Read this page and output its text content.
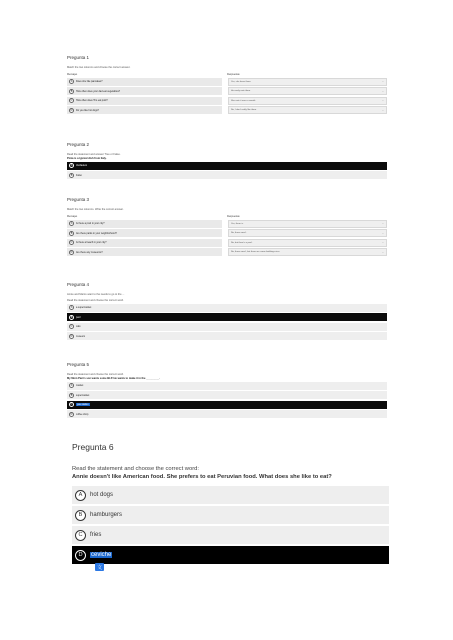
Pregunta 1
Match the two columns and choose the correct answer.
Mensajes	Respuestas
A	Does she like pancakes?	Yes, she loves them.	⌄
B	How often does your dad eat vegetables?	He rarely eats them.	⌄
C	How often does Tim eat pork?	She eats it once a month.	⌄
D	Do you like hot dogs?	No, I don't really like them.	⌄
Pregunta 2
Read the statement and answer True or False.
Pizza is a typical dish from Italy.
A	Verdadero
B	Falso
Pregunta 3
Match the two columns. Write the correct answer.
Mensajes	Respuestas
A	Is there a pool in your city?	Yes, there is.	⌄
B	Are there parks in your neighborhood?	No, there aren't.	⌄
C	Is there a beach in your city?	No, but there's a pool.	⌄
D	Are there any museums?	No, there aren't, but there are some buildings nice.	⌄
Pregunta 4
Annie and Marco want to the needs to go to the ...
Read the statement and choose the correct word.
A	a supermarket
B	pool
C	café
D	museum
Pregunta 5
Read the statement and choose the correct word.
My Mom Pam's son wants some BLP. He wants to make it in the _________.
A	market
B	supermarket
C	gas station
D	coffee shop
Pregunta 6
Read the statement and choose the correct word:
Annie doesn't like American food. She prefers to eat Peruvian food. What does she like to eat?
A	hot dogs
B	hamburgers
C	fries
D	ceviche
文
